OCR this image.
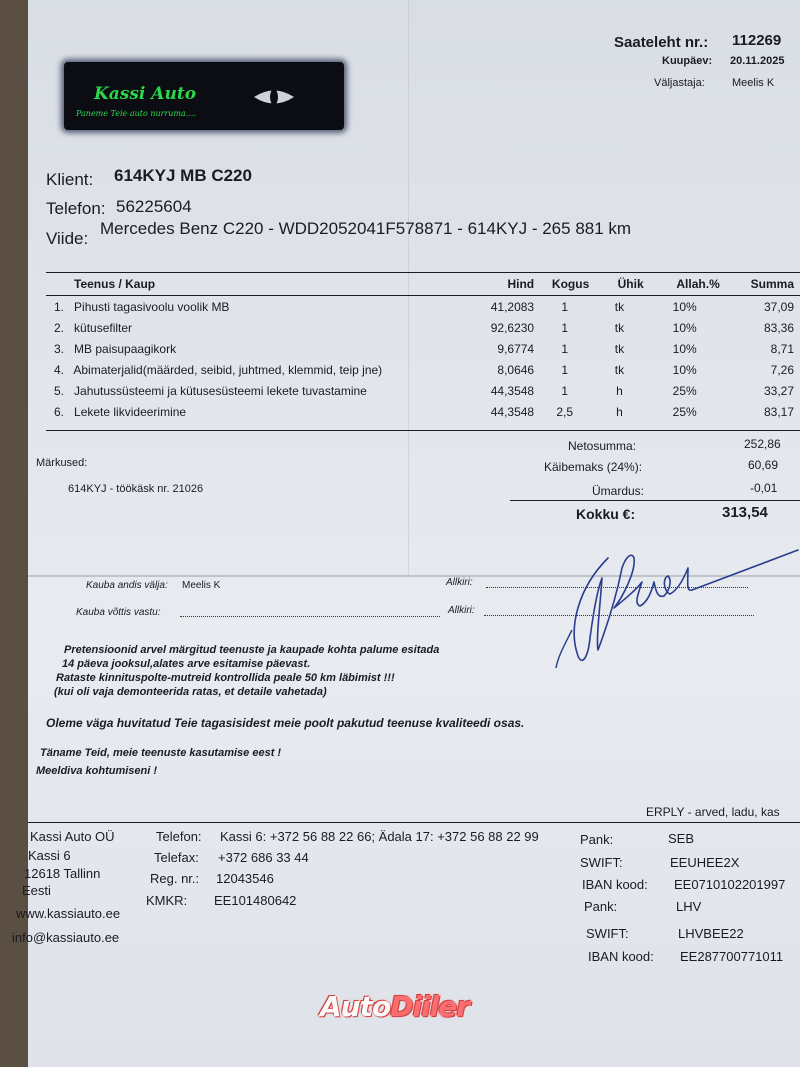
Saateleht nr.: 112269
Kuupäev: 20.11.2025
Väljastaja: Meelis K
Kassi Auto
Paneme Teie auto nurruma....
Klient: 614KYJ MB C220
Telefon: 56225604
Viide:
Mercedes Benz C220 - WDD2052041F578871 - 614KYJ - 265 881 km
Teenus / Kaup	Hind	Kogus	Ühik	Allah.%	Summa
1. Pihusti tagasivoolu voolik MB	41,2083	1	tk	10%	37,09
2. kütusefilter	92,6230	1	tk	10%	83,36
3. MB paisupaagikork	9,6774	1	tk	10%	8,71
4. Abimaterjalid(määrded, seibid, juhtmed, klemmid, teip jne)	8,0646	1	tk	10%	7,26
5. Jahutussüsteemi ja kütusesüsteemi lekete tuvastamine	44,3548	1	h	25%	33,27
6. Lekete likvideerimine	44,3548	2,5	h	25%	83,17
Netosumma:	252,86
Käibemaks (24%):	60,69
Ümardus:	-0,01
Kokku €:	313,54
Märkused:
614KYJ - töökäsk nr. 21026
Kauba andis välja: Meelis K	Allkiri:
Kauba võttis vastu:	Allkiri:
Pretensioonid arvel märgitud teenuste ja kaupade kohta palume esitada
14 päeva jooksul,alates arve esitamise päevast.
Rataste kinnituspolte-mutreid kontrollida peale 50 km läbimist !!!
(kui oli vaja demonteerida ratas, et detaile vahetada)
Oleme väga huvitatud Teie tagasisidest meie poolt pakutud teenuse kvaliteedi osas.
Täname Teid, meie teenuste kasutamise eest !
Meeldiva kohtumiseni !
ERPLY - arved, ladu, kas
Kassi Auto OÜ
Kassi 6
12618 Tallinn
Eesti
www.kassiauto.ee
info@kassiauto.ee
Telefon: Kassi 6: +372 56 88 22 66; Ädala 17: +372 56 88 22 99
Telefax: +372 686 33 44
Reg. nr.: 12043546
KMKR: EE101480642
Pank:	SEB
SWIFT:	EEUHEE2X
IBAN kood: EE0710102201997
Pank:	LHV
SWIFT:	LHVBEE22
IBAN kood: EE287700771011
AutoDiiler
